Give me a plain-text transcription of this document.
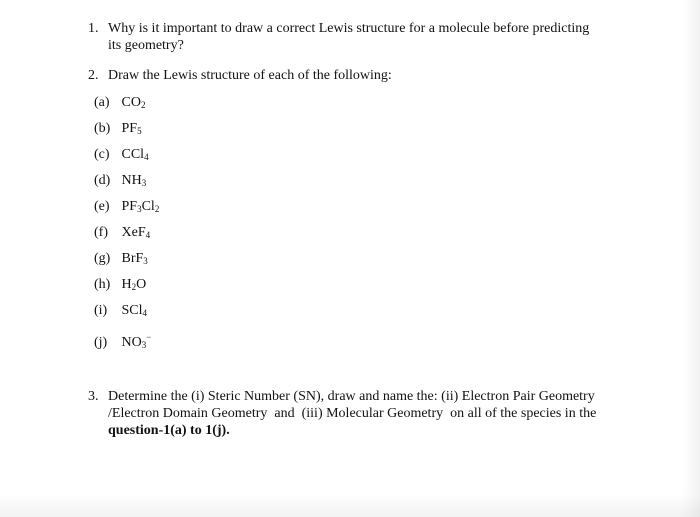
1. Why is it important to draw a correct Lewis structure for a molecule before predicting
its geometry?
2. Draw the Lewis structure of each of the following:
(a) $CO_2$
(b) $PF_5$
(c) CCl$_4$
(d) $NH_3$
(e) $PF_3Cl_2$
(f) XeF$_4$
(g) BrF$_3$
(h) $H_2O$
(i) SCl$_4$
(j) $NO_3^-$
3. Determine the (i) Steric Number (SN), draw and name the: (ii) Electron Pair Geometry
/Electron Domain Geometry  and  (iii) Molecular Geometry  on all of the species in the
question-1(a) to 1(j).
